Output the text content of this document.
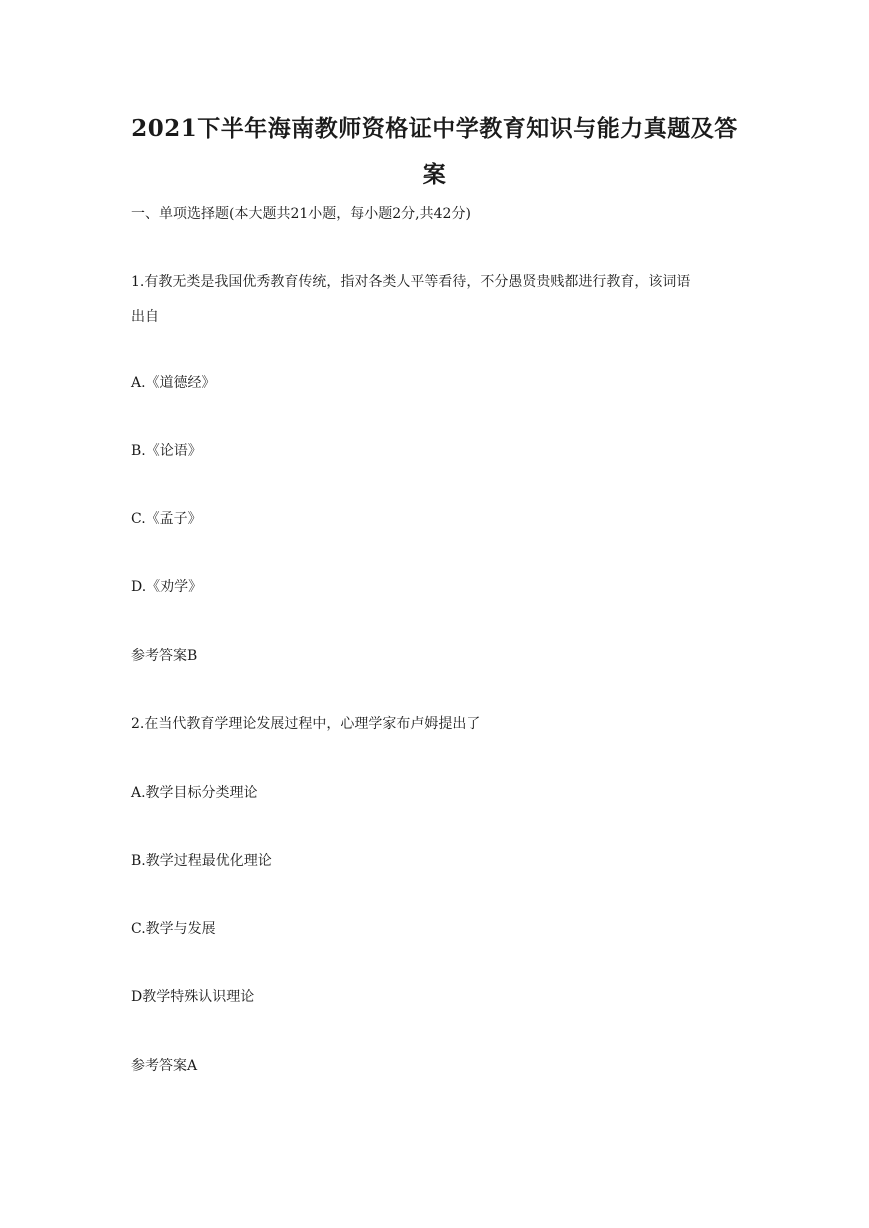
2021下半年海南教师资格证中学教育知识与能力真题及答
案
一、单项选择题(本大题共21小题，每小题2分,共42分)
1.有教无类是我国优秀教育传统，指对各类人平等看待，不分愚贤贵贱都进行教育，该词语
出自
A.《道德经》
B.《论语》
C.《孟子》
D.《劝学》
参考答案B
2.在当代教育学理论发展过程中，心理学家布卢姆提出了
A.教学目标分类理论
B.教学过程最优化理论
C.教学与发展
D教学特殊认识理论
参考答案A
